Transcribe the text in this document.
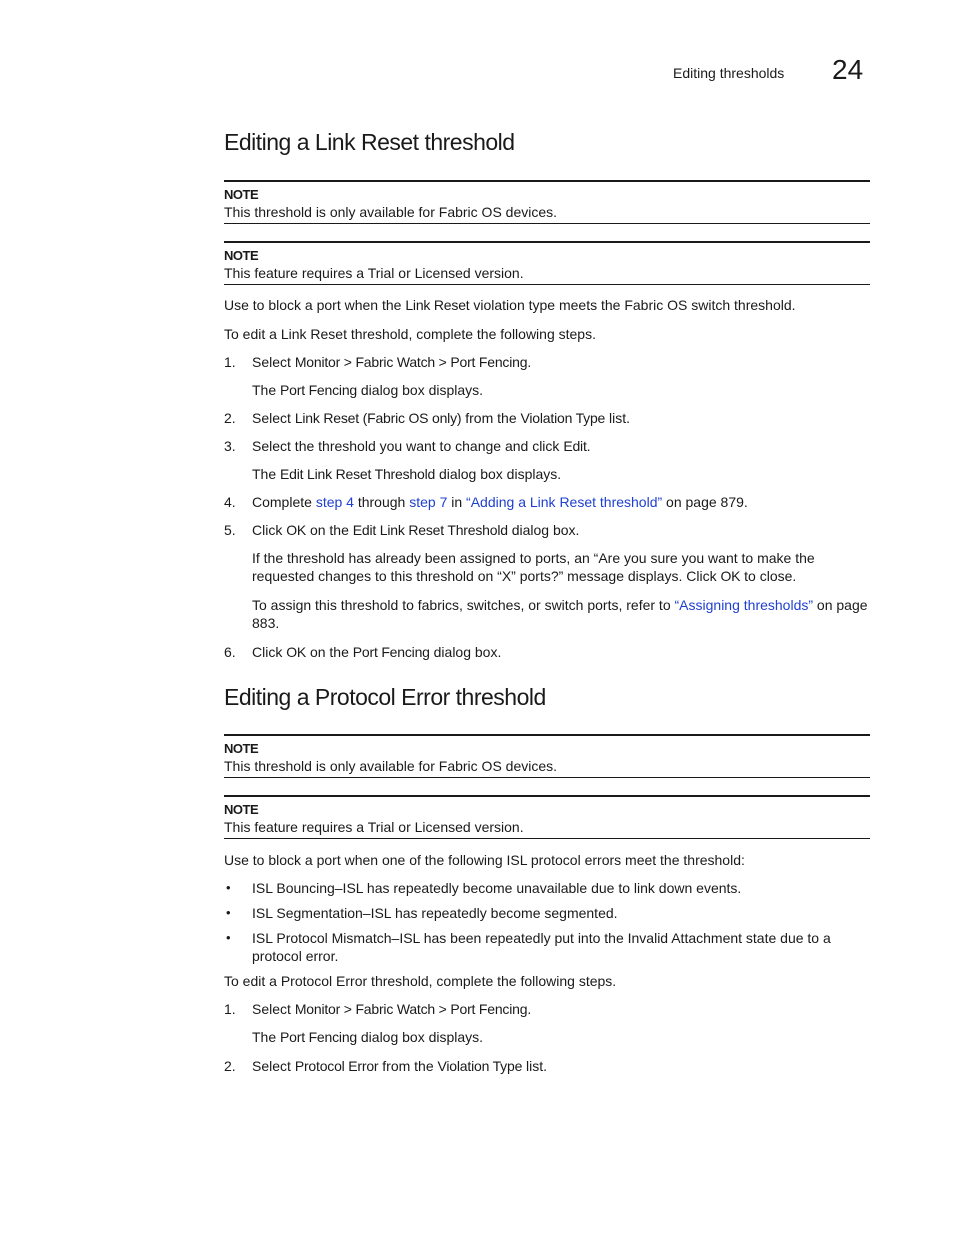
Editing thresholds 24
Editing a Link Reset threshold
NOTE
This threshold is only available for Fabric OS devices.
NOTE
This feature requires a Trial or Licensed version.
Use to block a port when the Link Reset violation type meets the Fabric OS switch threshold.
To edit a Link Reset threshold, complete the following steps.
1. Select Monitor > Fabric Watch > Port Fencing.
The Port Fencing dialog box displays.
2. Select Link Reset (Fabric OS only) from the Violation Type list.
3. Select the threshold you want to change and click Edit.
The Edit Link Reset Threshold dialog box displays.
4. Complete step 4 through step 7 in “Adding a Link Reset threshold” on page 879.
5. Click OK on the Edit Link Reset Threshold dialog box.
If the threshold has already been assigned to ports, an “Are you sure you want to make the requested changes to this threshold on “X” ports?” message displays. Click OK to close.
To assign this threshold to fabrics, switches, or switch ports, refer to “Assigning thresholds” on page 883.
6. Click OK on the Port Fencing dialog box.
Editing a Protocol Error threshold
NOTE
This threshold is only available for Fabric OS devices.
NOTE
This feature requires a Trial or Licensed version.
Use to block a port when one of the following ISL protocol errors meet the threshold:
• ISL Bouncing–ISL has repeatedly become unavailable due to link down events.
• ISL Segmentation–ISL has repeatedly become segmented.
• ISL Protocol Mismatch–ISL has been repeatedly put into the Invalid Attachment state due to a protocol error.
To edit a Protocol Error threshold, complete the following steps.
1. Select Monitor > Fabric Watch > Port Fencing.
The Port Fencing dialog box displays.
2. Select Protocol Error from the Violation Type list.
